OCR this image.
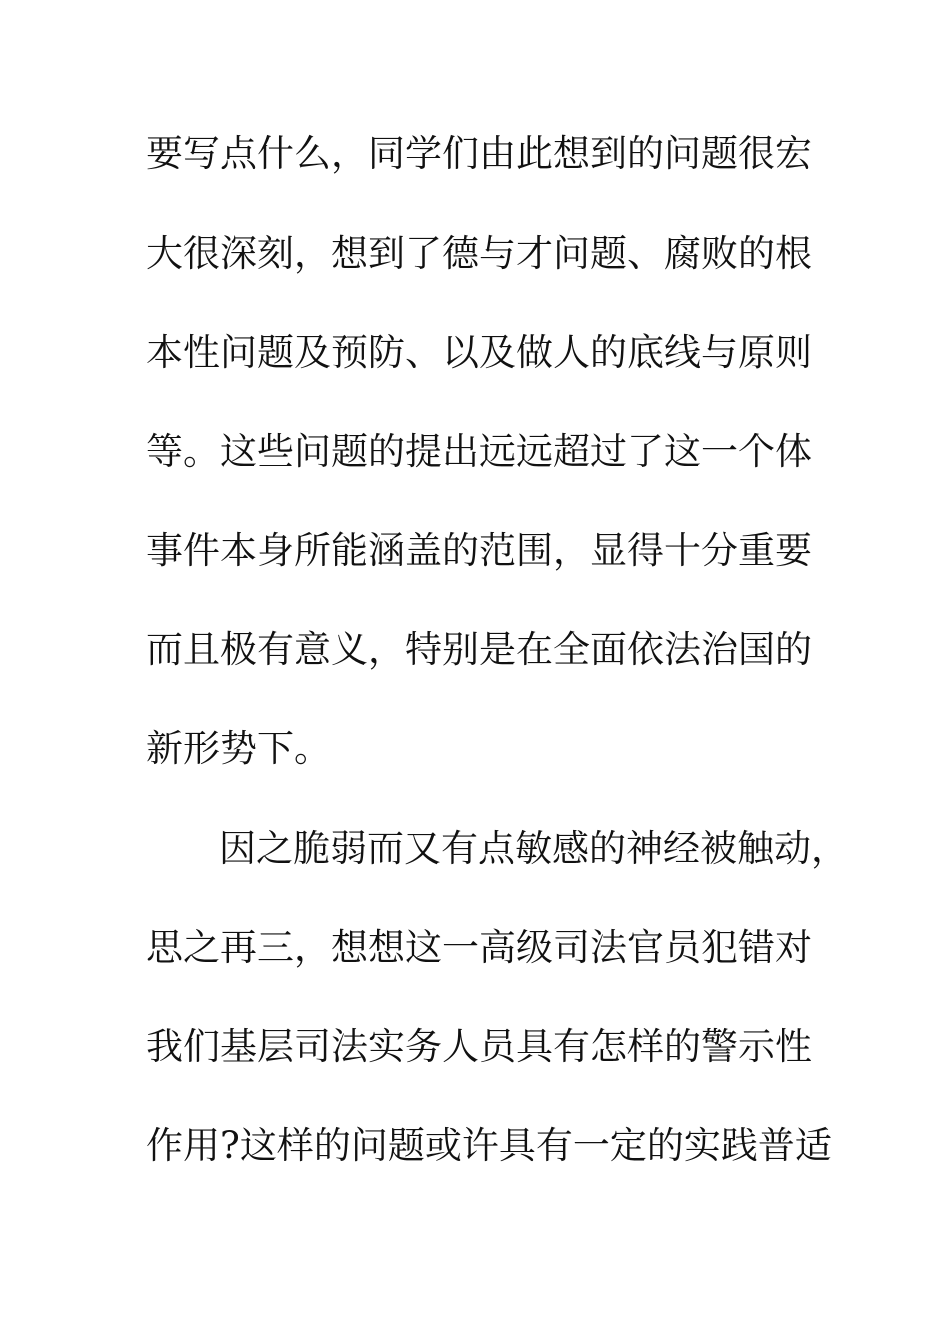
要写点什么，同学们由此想到的问题很宏

大很深刻，想到了德与才问题、腐败的根

本性问题及预防、以及做人的底线与原则

等。这些问题的提出远远超过了这一个体

事件本身所能涵盖的范围，显得十分重要

而且极有意义，特别是在全面依法治国的

新形势下。

因之脆弱而又有点敏感的神经被触动，

思之再三，想想这一高级司法官员犯错对

我们基层司法实务人员具有怎样的警示性

作用?这样的问题或许具有一定的实践普适
